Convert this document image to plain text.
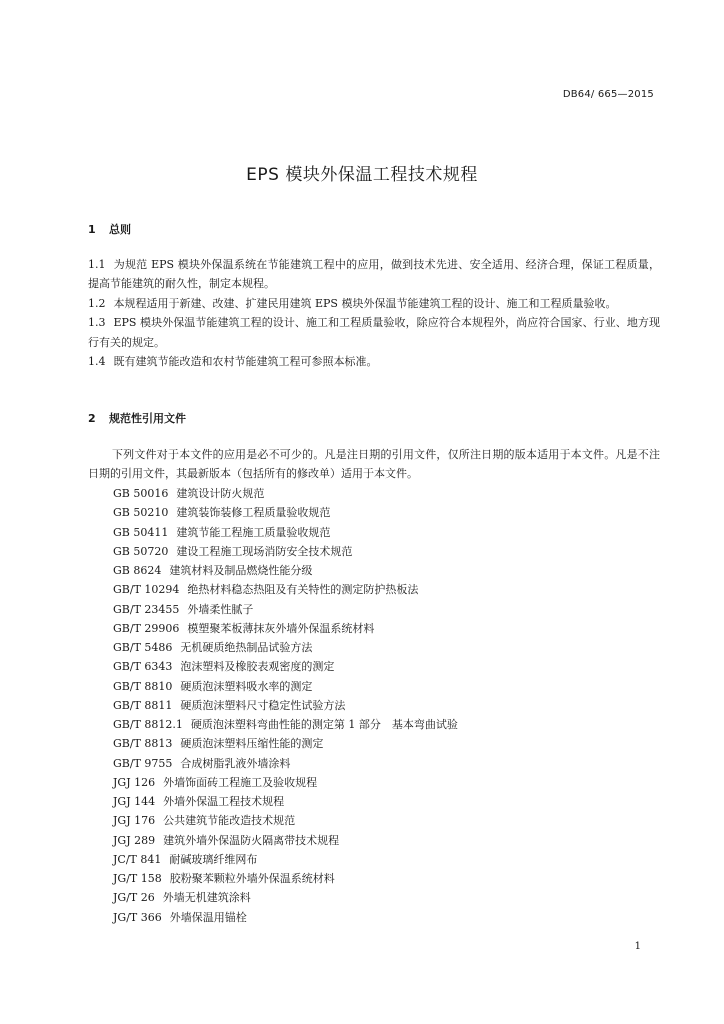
DB64/ 665—2015
EPS 模块外保温工程技术规程
1 总则

1.1 为规范 EPS 模块外保温系统在节能建筑工程中的应用，做到技术先进、安全适用、经济合理，保证工程质量，提高节能建筑的耐久性，制定本规程。

1.2 本规程适用于新建、改建、扩建民用建筑 EPS 模块外保温节能建筑工程的设计、施工和工程质量验收。

1.3 EPS 模块外保温节能建筑工程的设计、施工和工程质量验收，除应符合本规程外，尚应符合国家、行业、地方现行有关的规定。

1.4 既有建筑节能改造和农村节能建筑工程可参照本标准。

2 规范性引用文件

下列文件对于本文件的应用是必不可少的。凡是注日期的引用文件，仅所注日期的版本适用于本文件。凡是不注日期的引用文件，其最新版本（包括所有的修改单）适用于本文件。

GB 50016 建筑设计防火规范
GB 50210 建筑装饰装修工程质量验收规范
GB 50411 建筑节能工程施工质量验收规范
GB 50720 建设工程施工现场消防安全技术规范
GB 8624 建筑材料及制品燃烧性能分级
GB/T 10294 绝热材料稳态热阻及有关特性的测定防护热板法
GB/T 23455 外墙柔性腻子
GB/T 29906 模塑聚苯板薄抹灰外墙外保温系统材料
GB/T 5486 无机硬质绝热制品试验方法
GB/T 6343 泡沫塑料及橡胶表观密度的测定
GB/T 8810 硬质泡沫塑料吸水率的测定
GB/T 8811 硬质泡沫塑料尺寸稳定性试验方法
GB/T 8812.1 硬质泡沫塑料弯曲性能的测定第 1 部分　基本弯曲试验
GB/T 8813 硬质泡沫塑料压缩性能的测定
GB/T 9755 合成树脂乳液外墙涂料
JGJ 126 外墙饰面砖工程施工及验收规程
JGJ 144 外墙外保温工程技术规程
JGJ 176 公共建筑节能改造技术规范
JGJ 289 建筑外墙外保温防火隔离带技术规程
JC/T 841 耐碱玻璃纤维网布
JG/T 158 胶粉聚苯颗粒外墙外保温系统材料
JG/T 26 外墙无机建筑涂料
JG/T 366 外墙保温用锚栓
1
